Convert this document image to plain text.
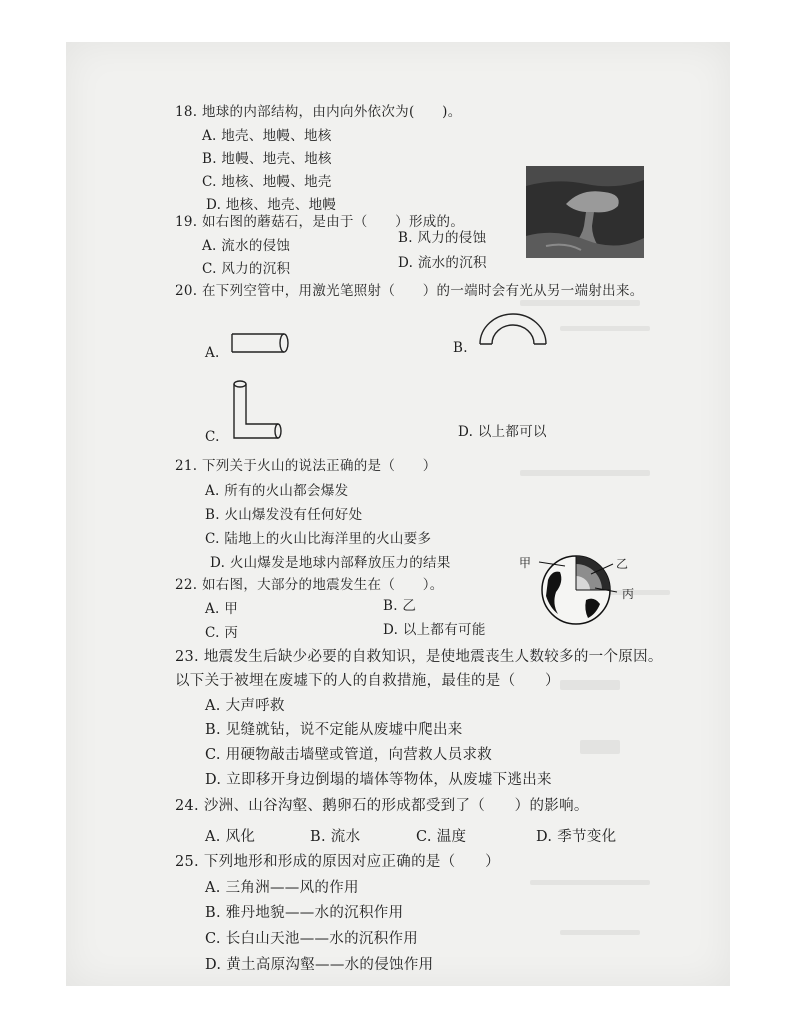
18. 地球的内部结构，由内向外依次为(　　)。
A. 地壳、地幔、地核
B. 地幔、地壳、地核
C. 地核、地幔、地壳
D. 地核、地壳、地幔
19. 如右图的蘑菇石，是由于（　　）形成的。
A. 流水的侵蚀	B. 风力的侵蚀
C. 风力的沉积	D. 流水的沉积
20. 在下列空管中，用激光笔照射（　　）的一端时会有光从另一端射出来。
A.	B.
C.	D. 以上都可以
21. 下列关于火山的说法正确的是（　　）
A. 所有的火山都会爆发
B. 火山爆发没有任何好处
C. 陆地上的火山比海洋里的火山要多
D. 火山爆发是地球内部释放压力的结果
22. 如右图，大部分的地震发生在（　　）。
A. 甲	B. 乙
C. 丙	D. 以上都有可能
甲	乙
丙
23. 地震发生后缺少必要的自救知识，是使地震丧生人数较多的一个原因。
以下关于被埋在废墟下的人的自救措施，最佳的是（　　）
A. 大声呼救
B. 见缝就钻，说不定能从废墟中爬出来
C. 用硬物敲击墙壁或管道，向营救人员求救
D. 立即移开身边倒塌的墙体等物体，从废墟下逃出来
24. 沙洲、山谷沟壑、鹅卵石的形成都受到了（　　）的影响。
A. 风化	B. 流水	C. 温度	D. 季节变化
25. 下列地形和形成的原因对应正确的是（　　）
A. 三角洲——风的作用
B. 雅丹地貌——水的沉积作用
C. 长白山天池——水的沉积作用
D. 黄土高原沟壑——水的侵蚀作用
